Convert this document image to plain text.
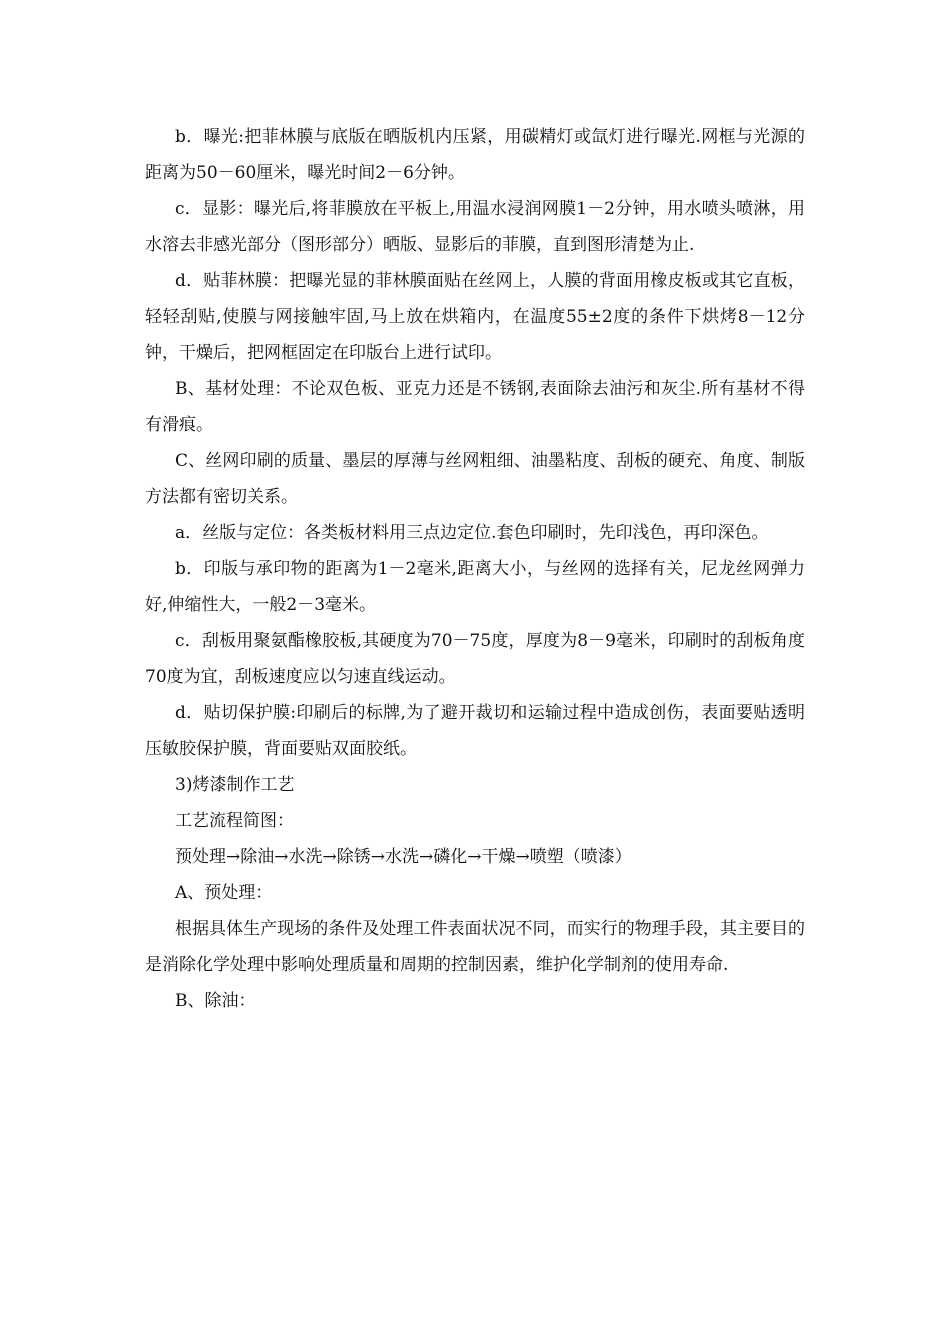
b．曝光:把菲林膜与底版在晒版机内压紧，用碳精灯或氙灯进行曝光.网框与光源的距离为50－60厘米，曝光时间2－6分钟。

c．显影：曝光后,将菲膜放在平板上,用温水浸润网膜1－2分钟，用水喷头喷淋，用水溶去非感光部分（图形部分）晒版、显影后的菲膜，直到图形清楚为止.

d．贴菲林膜：把曝光显的菲林膜面贴在丝网上，人膜的背面用橡皮板或其它直板，轻轻刮贴,使膜与网接触牢固,马上放在烘箱内，在温度55±2度的条件下烘烤8－12分钟，干燥后，把网框固定在印版台上进行试印。

B、基材处理：不论双色板、亚克力还是不锈钢,表面除去油污和灰尘.所有基材不得有滑痕。

C、丝网印刷的质量、墨层的厚薄与丝网粗细、油墨粘度、刮板的硬充、角度、制版方法都有密切关系。

a．丝版与定位：各类板材料用三点边定位.套色印刷时，先印浅色，再印深色。

b．印版与承印物的距离为1－2毫米,距离大小，与丝网的选择有关，尼龙丝网弹力好,伸缩性大，一般2－3毫米。

c．刮板用聚氨酯橡胶板,其硬度为70－75度，厚度为8－9毫米，印刷时的刮板角度70度为宜，刮板速度应以匀速直线运动。

d．贴切保护膜:印刷后的标牌,为了避开裁切和运输过程中造成创伤，表面要贴透明压敏胶保护膜，背面要贴双面胶纸。

3)烤漆制作工艺

工艺流程简图：

预处理→除油→水洗→除锈→水洗→磷化→干燥→喷塑（喷漆）

A、预处理：

根据具体生产现场的条件及处理工件表面状况不同，而实行的物理手段，其主要目的是消除化学处理中影响处理质量和周期的控制因素，维护化学制剂的使用寿命.

B、除油：
